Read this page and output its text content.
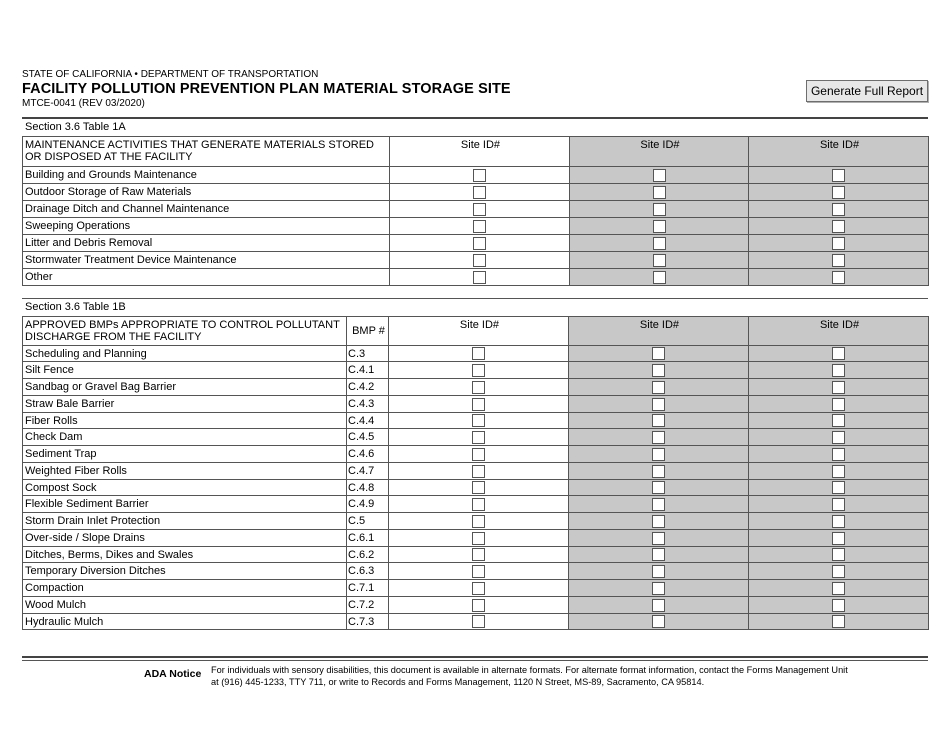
STATE OF CALIFORNIA • DEPARTMENT OF TRANSPORTATION
FACILITY POLLUTION PREVENTION PLAN MATERIAL STORAGE SITE
MTCE-0041 (REV 03/2020)
Generate Full Report
Section 3.6 Table 1A			
MAINTENANCE ACTIVITIES THAT GENERATE MATERIALS STORED OR DISPOSED AT THE FACILITY	Site ID#	Site ID#	Site ID#
Building and Grounds Maintenance			
Outdoor Storage of Raw Materials			
Drainage Ditch and Channel Maintenance			
Sweeping Operations			
Litter and Debris Removal			
Stormwater Treatment Device Maintenance			
Other			
Section 3.6 Table 1B				
APPROVED BMPs APPROPRIATE TO CONTROL POLLUTANT DISCHARGE FROM THE FACILITY	BMP #	Site ID#	Site ID#	Site ID#
Scheduling and Planning	C.3			
Silt Fence	C.4.1			
Sandbag or Gravel Bag Barrier	C.4.2			
Straw Bale Barrier	C.4.3			
Fiber Rolls	C.4.4			
Check Dam	C.4.5			
Sediment Trap	C.4.6			
Weighted Fiber Rolls	C.4.7			
Compost Sock	C.4.8			
Flexible Sediment Barrier	C.4.9			
Storm Drain Inlet Protection	C.5			
Over-side / Slope Drains	C.6.1			
Ditches, Berms, Dikes and Swales	C.6.2			
Temporary Diversion Ditches	C.6.3			
Compaction	C.7.1			
Wood Mulch	C.7.2			
Hydraulic Mulch	C.7.3			
ADA Notice For individuals with sensory disabilities, this document is available in alternate formats. For alternate format information, contact the Forms Management Unit at (916) 445-1233, TTY 711, or write to Records and Forms Management, 1120 N Street, MS-89, Sacramento, CA 95814.
